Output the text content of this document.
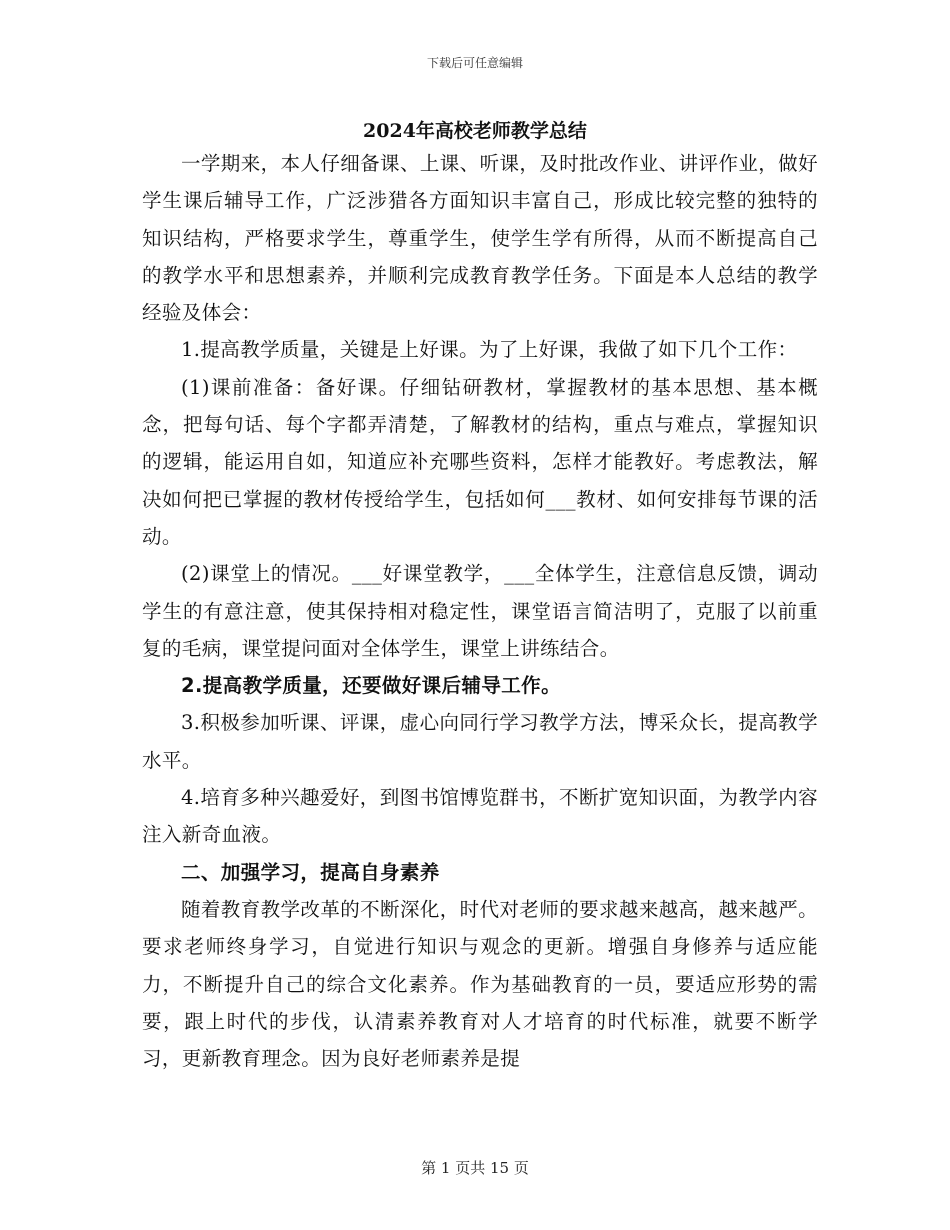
下载后可任意编辑
2024年高校老师教学总结

一学期来，本人仔细备课、上课、听课，及时批改作业、讲评作业，做好学生课后辅导工作，广泛涉猎各方面知识丰富自己，形成比较完整的独特的知识结构，严格要求学生，尊重学生，使学生学有所得，从而不断提高自己的教学水平和思想素养，并顺利完成教育教学任务。下面是本人总结的教学经验及体会：

1.提高教学质量，关键是上好课。为了上好课，我做了如下几个工作：

(1)课前准备：备好课。仔细钻研教材，掌握教材的基本思想、基本概念，把每句话、每个字都弄清楚，了解教材的结构，重点与难点，掌握知识的逻辑，能运用自如，知道应补充哪些资料，怎样才能教好。考虑教法，解决如何把已掌握的教材传授给学生，包括如何___教材、如何安排每节课的活动。

(2)课堂上的情况。___好课堂教学，___全体学生，注意信息反馈，调动学生的有意注意，使其保持相对稳定性，课堂语言简洁明了，克服了以前重复的毛病，课堂提问面对全体学生，课堂上讲练结合。

2.提高教学质量，还要做好课后辅导工作。

3.积极参加听课、评课，虚心向同行学习教学方法，博采众长，提高教学水平。

4.培育多种兴趣爱好，到图书馆博览群书，不断扩宽知识面，为教学内容注入新奇血液。

二、加强学习，提高自身素养

随着教育教学改革的不断深化，时代对老师的要求越来越高，越来越严。要求老师终身学习，自觉进行知识与观念的更新。增强自身修养与适应能力，不断提升自己的综合文化素养。作为基础教育的一员，要适应形势的需要，跟上时代的步伐，认清素养教育对人才培育的时代标准，就要不断学习，更新教育理念。因为良好老师素养是提

第 1 页共 15 页
